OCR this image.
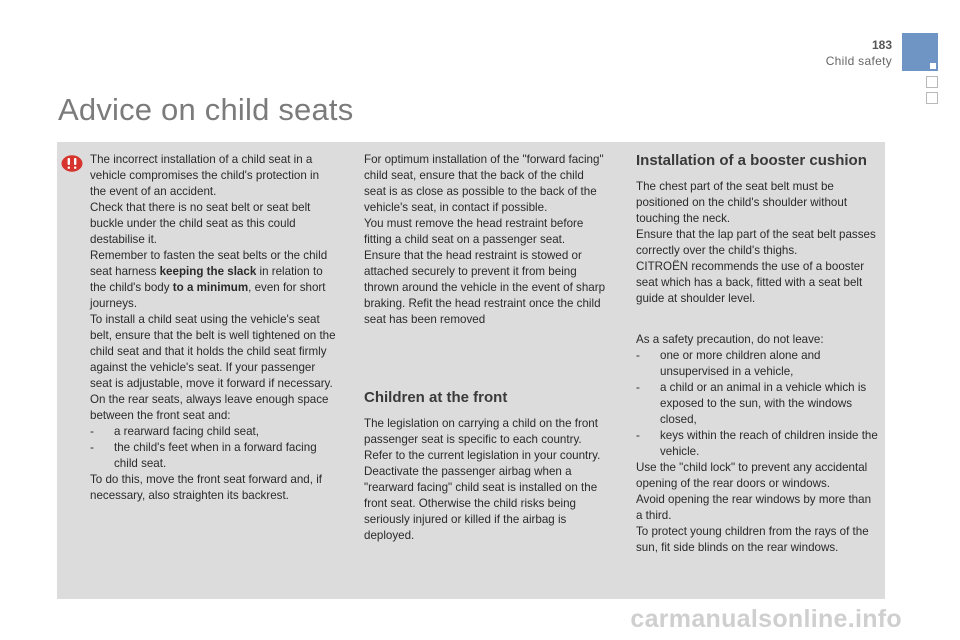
183
Child safety
Advice on child seats

The incorrect installation of a child seat in a vehicle compromises the child's protection in the event of an accident.

Check that there is no seat belt or seat belt buckle under the child seat as this could destabilise it.

Remember to fasten the seat belts or the child seat harness keeping the slack in relation to the child's body to a minimum, even for short journeys.

To install a child seat using the vehicle's seat belt, ensure that the belt is well tightened on the child seat and that it holds the child seat firmly against the vehicle's seat. If your passenger seat is adjustable, move it forward if necessary.

On the rear seats, always leave enough space between the front seat and:

- a rearward facing child seat,

- the child's feet when in a forward facing child seat.

To do this, move the front seat forward and, if necessary, also straighten its backrest.

For optimum installation of the "forward facing" child seat, ensure that the back of the child seat is as close as possible to the back of the vehicle's seat, in contact if possible.

You must remove the head restraint before fitting a child seat on a passenger seat.

Ensure that the head restraint is stowed or attached securely to prevent it from being thrown around the vehicle in the event of sharp braking. Refit the head restraint once the child seat has been removed

Children at the front

The legislation on carrying a child on the front passenger seat is specific to each country.

Refer to the current legislation in your country.

Deactivate the passenger airbag when a "rearward facing" child seat is installed on the front seat. Otherwise the child risks being seriously injured or killed if the airbag is deployed.

Installation of a booster cushion

The chest part of the seat belt must be positioned on the child's shoulder without touching the neck.

Ensure that the lap part of the seat belt passes correctly over the child's thighs.

CITROËN recommends the use of a booster seat which has a back, fitted with a seat belt guide at shoulder level.

As a safety precaution, do not leave:

- one or more children alone and unsupervised in a vehicle,

- a child or an animal in a vehicle which is exposed to the sun, with the windows closed,

- keys within the reach of children inside the vehicle.

Use the "child lock" to prevent any accidental opening of the rear doors or windows.

Avoid opening the rear windows by more than a third.

To protect young children from the rays of the sun, fit side blinds on the rear windows.

carmanualsonline.info
